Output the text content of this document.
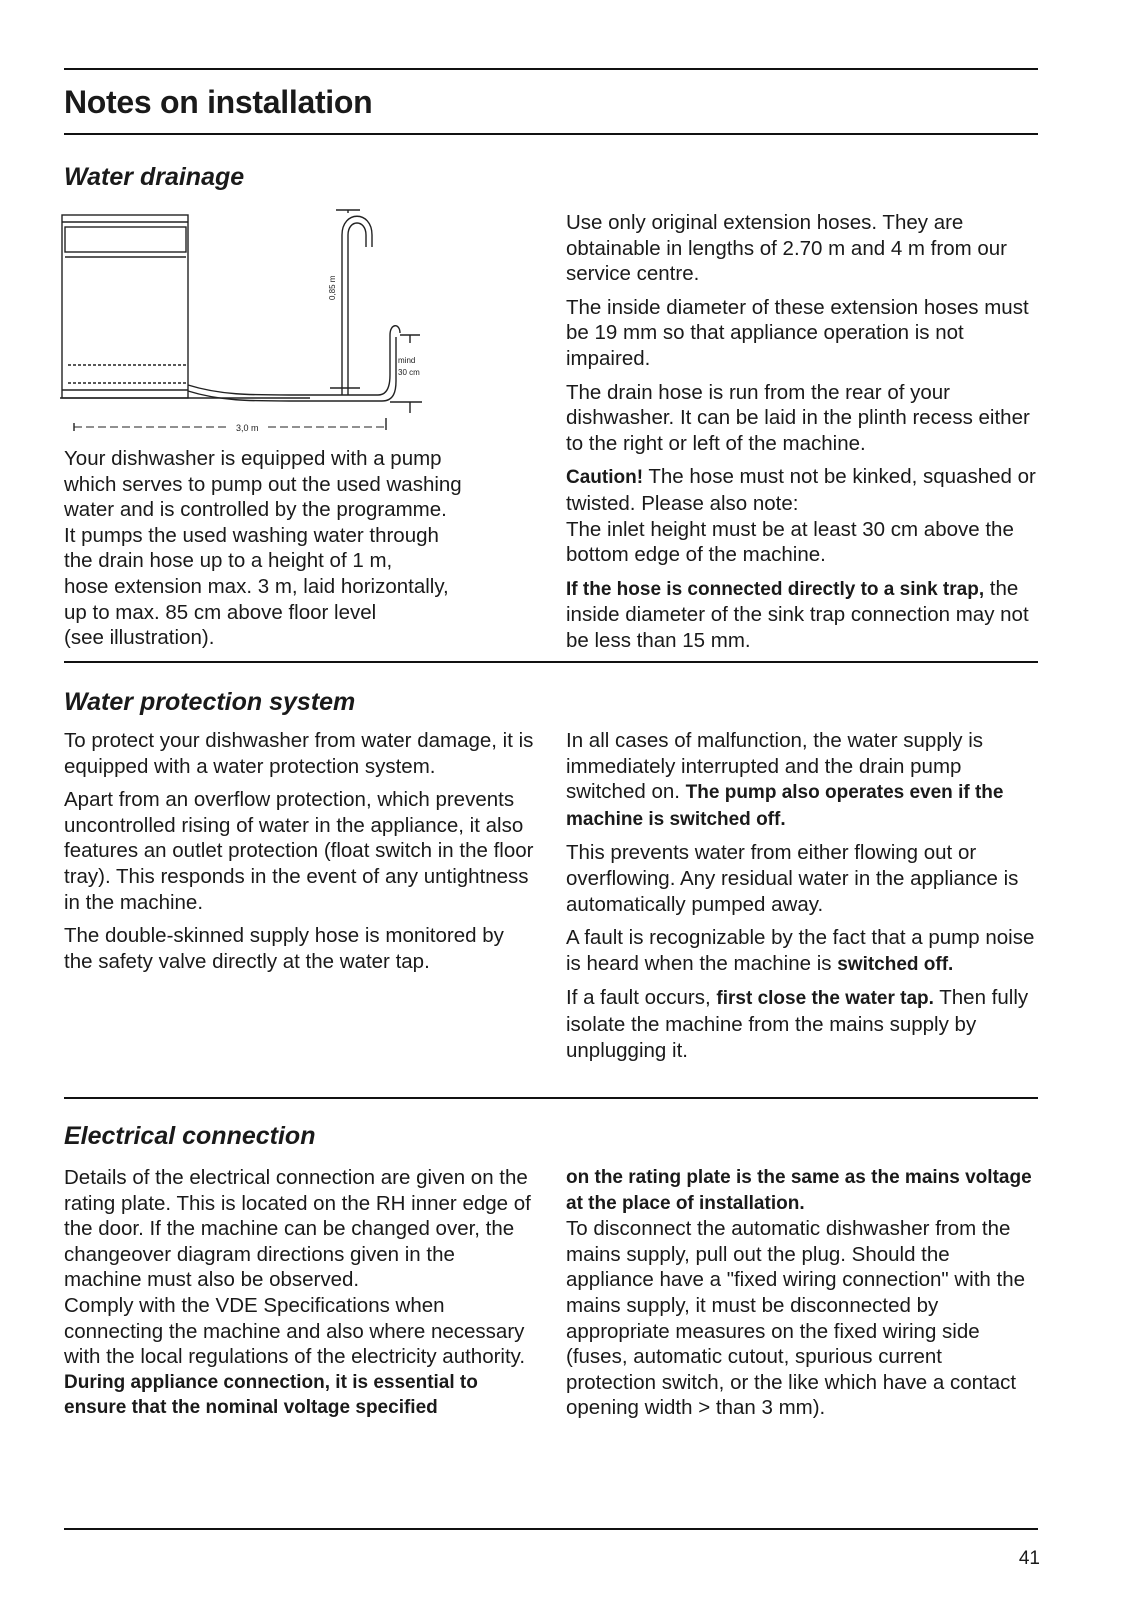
Notes on installation
Water drainage
0,85 m
mind
30 cm
3,0 m

Your dishwasher is equipped with a pump
which serves to pump out the used washing
water and is controlled by the programme.
It pumps the used washing water through
the drain hose up to a height of 1 m,
hose extension max. 3 m, laid horizontally,
up to max. 85 cm above floor level
(see illustration).

Use only original extension hoses. They are obtainable in lengths of 2.70 m and 4 m from our service centre.

The inside diameter of these extension hoses must be 19 mm so that appliance operation is not impaired.

The drain hose is run from the rear of your dishwasher. It can be laid in the plinth recess either to the right or left of the machine.

Caution! The hose must not be kinked, squashed or twisted. Please also note:

The inlet height must be at least 30 cm above the bottom edge of the machine.

If the hose is connected directly to a sink trap, the inside diameter of the sink trap connection may not be less than 15 mm.

Water protection system

To protect your dishwasher from water damage, it is equipped with a water protection system.

Apart from an overflow protection, which prevents uncontrolled rising of water in the appliance, it also features an outlet protection (float switch in the floor tray). This responds in the event of any untightness in the machine.

The double-skinned supply hose is monitored by the safety valve directly at the water tap.

In all cases of malfunction, the water supply is immediately interrupted and the drain pump switched on. The pump also operates even if the machine is switched off.

This prevents water from either flowing out or overflowing. Any residual water in the appliance is automatically pumped away.

A fault is recognizable by the fact that a pump noise is heard when the machine is switched off.

If a fault occurs, first close the water tap. Then fully isolate the machine from the mains supply by unplugging it.

Electrical connection

Details of the electrical connection are given on the rating plate. This is located on the RH inner edge of the door. If the machine can be changed over, the changeover diagram directions given in the machine must also be observed.

Comply with the VDE Specifications when connecting the machine and also where necessary with the local regulations of the electricity authority.

During appliance connection, it is essential to ensure that the nominal voltage specified

on the rating plate is the same as the mains voltage at the place of installation.

To disconnect the automatic dishwasher from the mains supply, pull out the plug. Should the appliance have a "fixed wiring connection" with the mains supply, it must be disconnected by appropriate measures on the fixed wiring side (fuses, automatic cutout, spurious current protection switch, or the like which have a contact opening width > than 3 mm).

41
